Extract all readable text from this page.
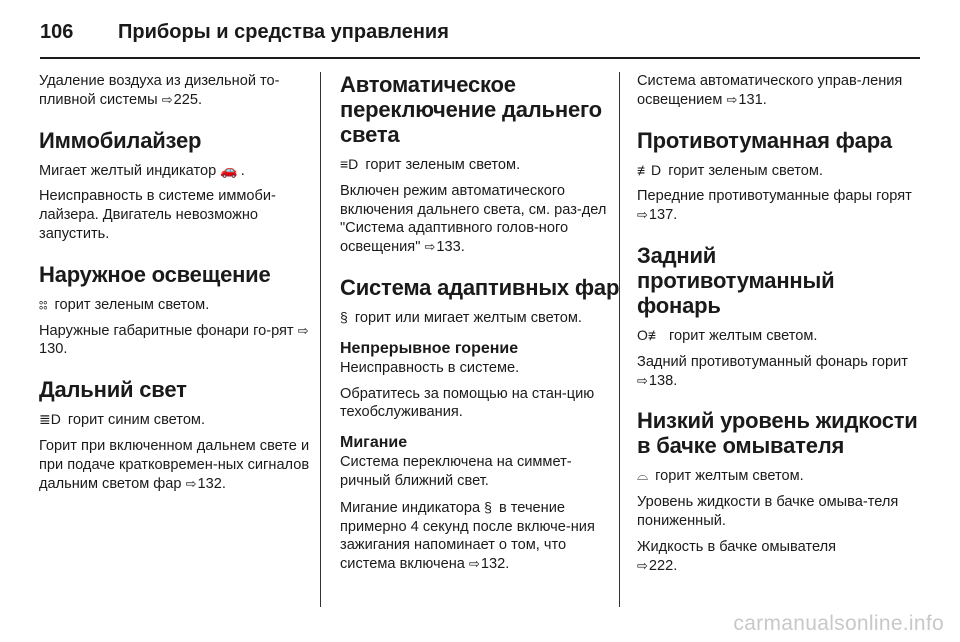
106	Приборы и средства управления

Удаление воздуха из дизельной то-пливной системы ⇨225.

Иммобилайзер

Мигает желтый индикатор 🚗 .

Неисправность в системе иммоби-лайзера. Двигатель невозможно запустить.

Наружное освещение

⦂⦂ горит зеленым светом.

Наружные габаритные фонари го-рят ⇨130.

Дальний свет

≣D горит синим светом.

Горит при включенном дальнем свете и при подаче кратковремен-ных сигналов дальним светом фар ⇨132.

Автоматическое переключение дальнего света

≡D горит зеленым светом.

Включен режим автоматического включения дальнего света, см. раз-дел "Система адаптивного голов-ного освещения" ⇨133.

Система адаптивных фар

§ горит или мигает желтым светом.

Непрерывное горение

Неисправность в системе.

Обратитесь за помощью на стан-цию техобслуживания.

Мигание

Система переключена на симмет-ричный ближний свет.

Мигание индикатора § в течение примерно 4 секунд после включе-ния зажигания напоминает о том, что система включена ⇨132.

Система автоматического управ-ления освещением ⇨131.

Противотуманная фара

≢D горит зеленым светом.

Передние противотуманные фары горят ⇨137.

Задний противотуманный фонарь

O≢ горит желтым светом.

Задний противотуманный фонарь горит ⇨138.

Низкий уровень жидкости в бачке омывателя

⌓ горит желтым светом.

Уровень жидкости в бачке омыва-теля пониженный.

Жидкость в бачке омывателя
⇨222.

carmanualsonline.info
